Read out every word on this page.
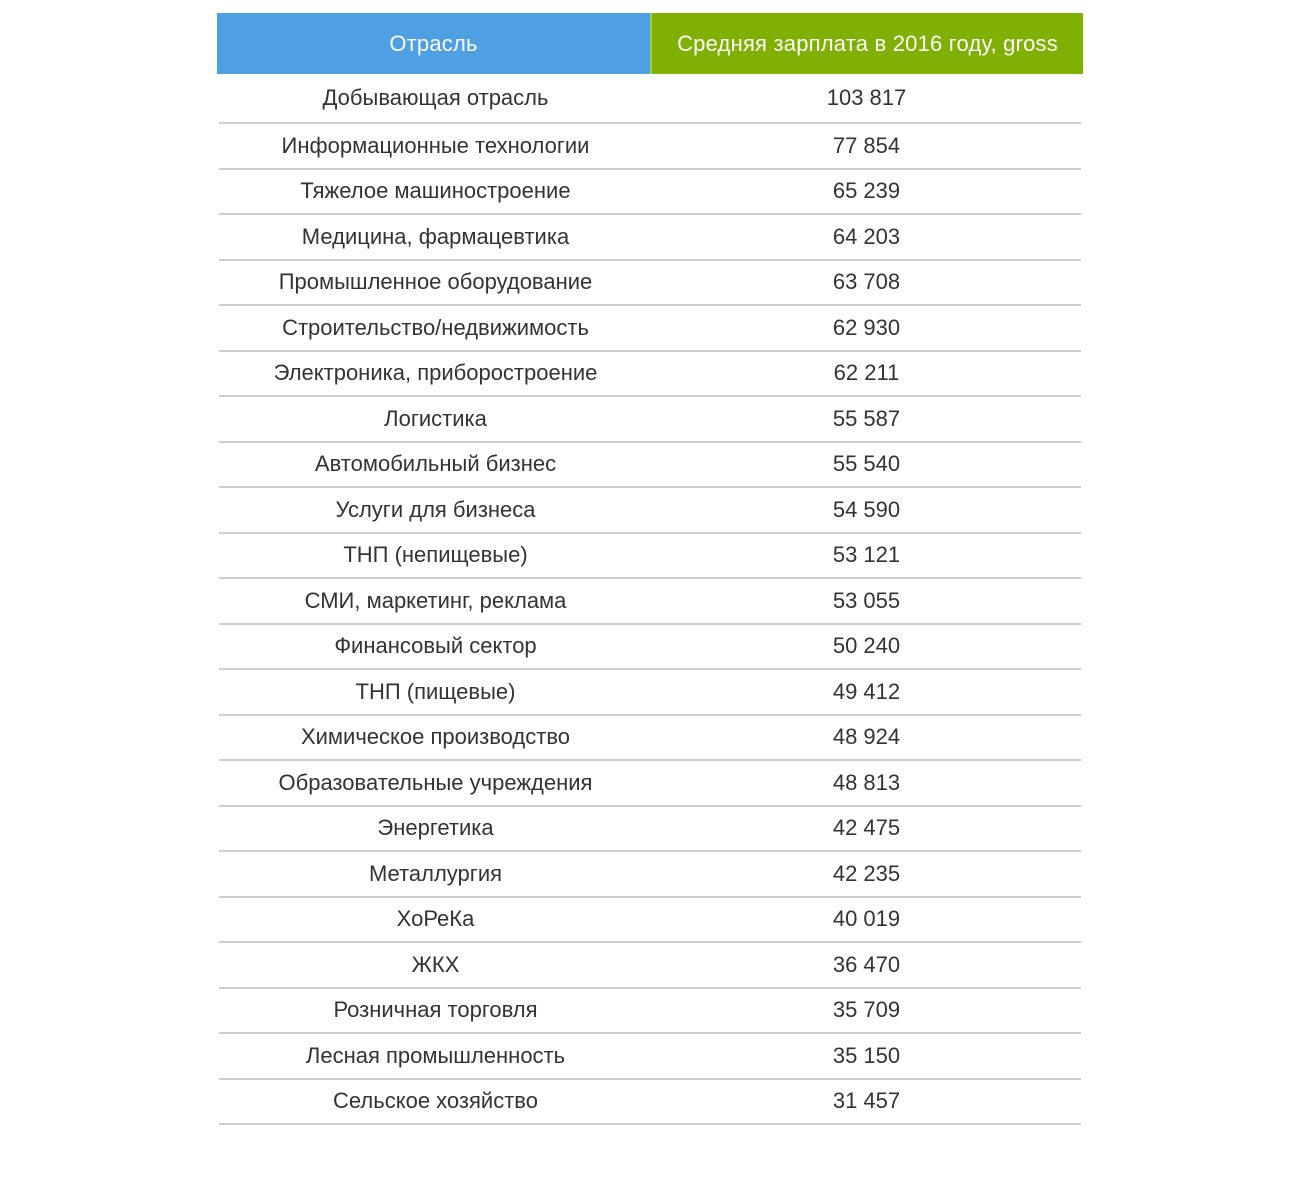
Отрасль	Средняя зарплата в 2016 году, gross
Добывающая отрасль	103 817
Информационные технологии	77 854
Тяжелое машиностроение	65 239
Медицина, фармацевтика	64 203
Промышленное оборудование	63 708
Строительство/недвижимость	62 930
Электроника, приборостроение	62 211
Логистика	55 587
Автомобильный бизнес	55 540
Услуги для бизнеса	54 590
ТНП (непищевые)	53 121
СМИ, маркетинг, реклама	53 055
Финансовый сектор	50 240
ТНП (пищевые)	49 412
Химическое производство	48 924
Образовательные учреждения	48 813
Энергетика	42 475
Металлургия	42 235
ХоРеКа	40 019
ЖКХ	36 470
Розничная торговля	35 709
Лесная промышленность	35 150
Сельское хозяйство	31 457
